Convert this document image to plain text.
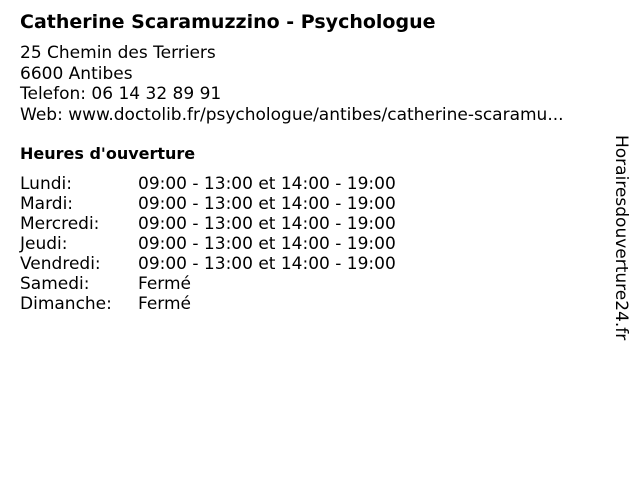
Catherine Scaramuzzino - Psychologue
25 Chemin des Terriers
6600 Antibes
Telefon: 06 14 32 89 91
Web: www.doctolib.fr/psychologue/antibes/catherine-scaramu...
Heures d'ouverture
Lundi:	09:00 - 13:00 et 14:00 - 19:00
Mardi:	09:00 - 13:00 et 14:00 - 19:00
Mercredi:	09:00 - 13:00 et 14:00 - 19:00
Jeudi:	09:00 - 13:00 et 14:00 - 19:00
Vendredi:	09:00 - 13:00 et 14:00 - 19:00
Samedi:	Fermé
Dimanche:	Fermé	Horairesdouverture24.fr
